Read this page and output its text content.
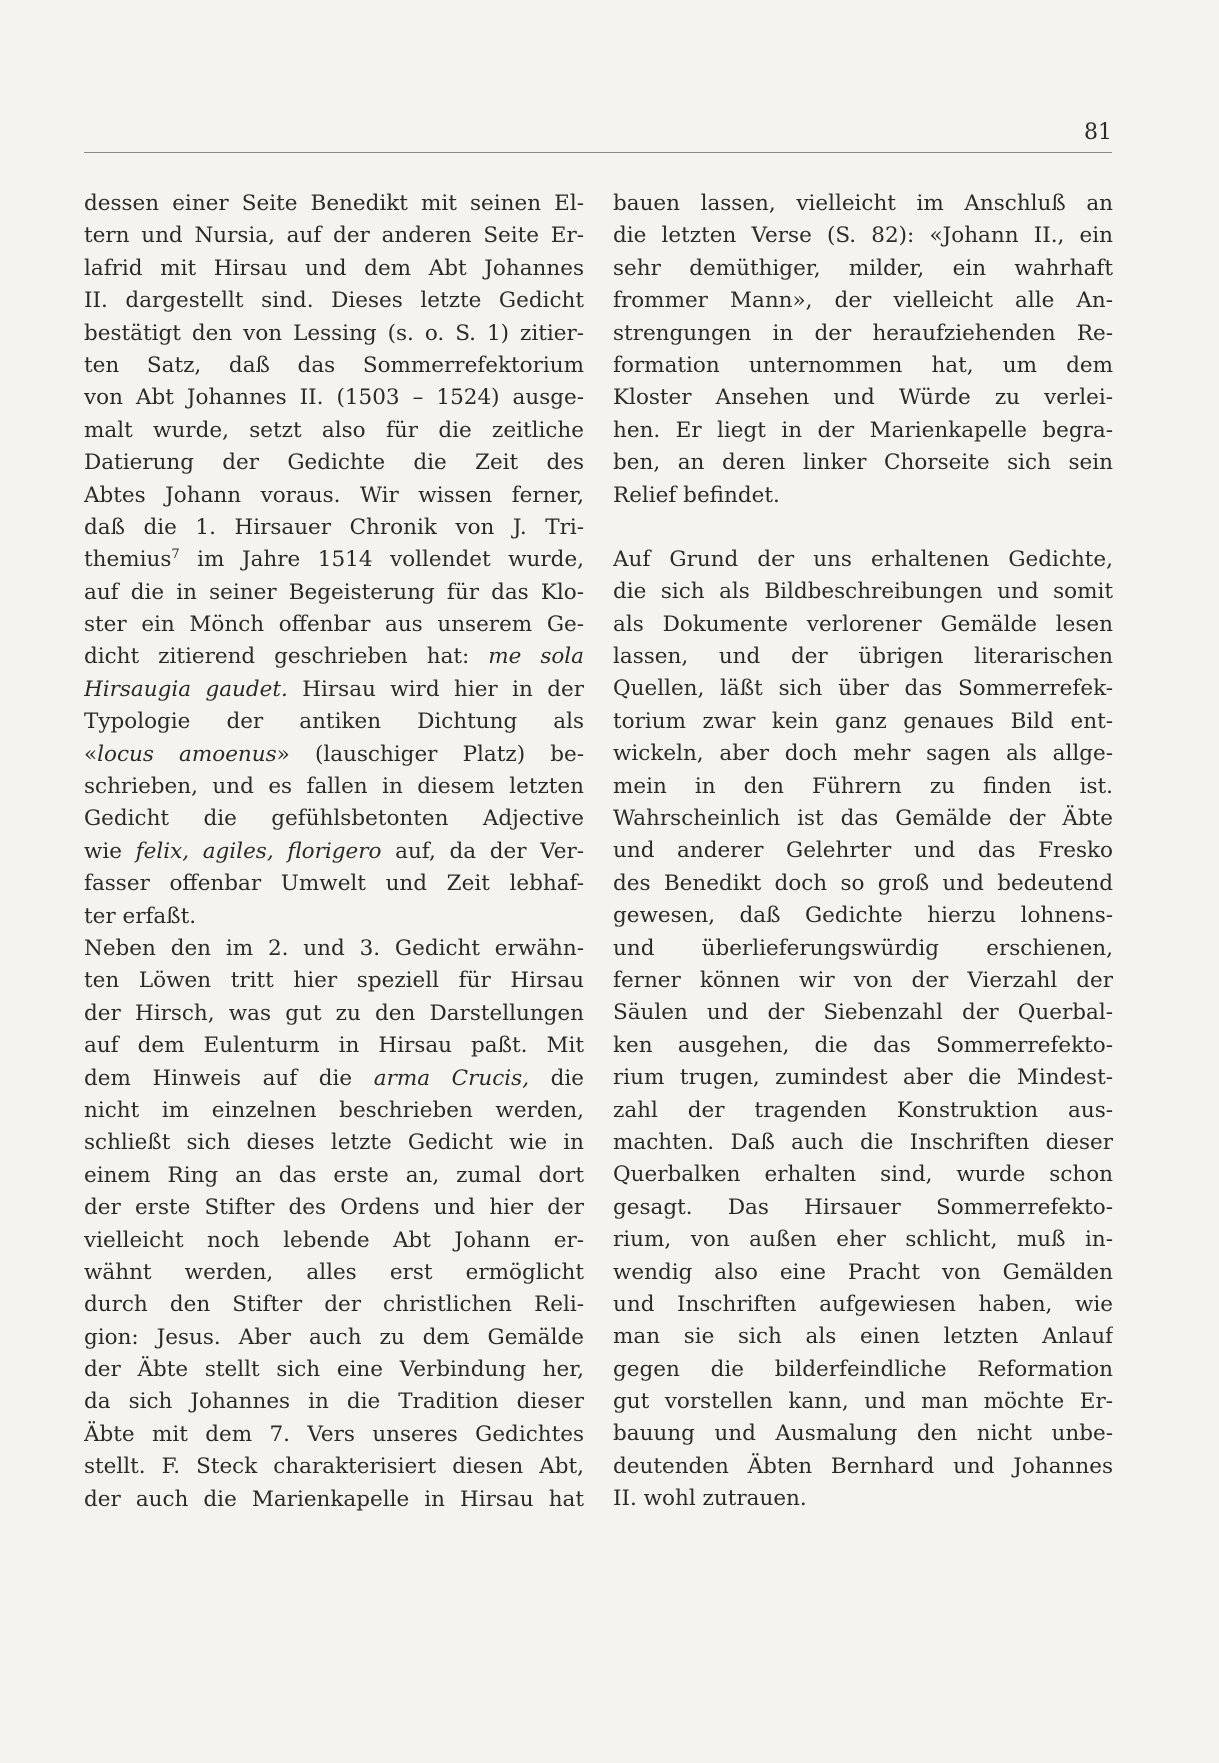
81
dessen einer Seite Benedikt mit seinen El-
tern und Nursia, auf der anderen Seite Er-
lafrid mit Hirsau und dem Abt Johannes
II. dargestellt sind. Dieses letzte Gedicht
bestätigt den von Lessing (s. o. S. 1) zitier-
ten Satz, daß das Sommerrefektorium
von Abt Johannes II. (1503 – 1524) ausge-
malt wurde, setzt also für die zeitliche
Datierung der Gedichte die Zeit des
Abtes Johann voraus. Wir wissen ferner,
daß die 1. Hirsauer Chronik von J. Tri-
themius$^7$ im Jahre 1514 vollendet wurde,
auf die in seiner Begeisterung für das Klo-
ster ein Mönch offenbar aus unserem Ge-
dicht zitierend geschrieben hat: me sola
Hirsaugia gaudet. Hirsau wird hier in der
Typologie der antiken Dichtung als
«locus amoenus» (lauschiger Platz) be-
schrieben, und es fallen in diesem letzten
Gedicht die gefühlsbetonten Adjective
wie felix, agiles, florigero auf, da der Ver-
fasser offenbar Umwelt und Zeit lebhaf-
ter erfaßt.
Neben den im 2. und 3. Gedicht erwähn-
ten Löwen tritt hier speziell für Hirsau
der Hirsch, was gut zu den Darstellungen
auf dem Eulenturm in Hirsau paßt. Mit
dem Hinweis auf die arma Crucis, die
nicht im einzelnen beschrieben werden,
schließt sich dieses letzte Gedicht wie in
einem Ring an das erste an, zumal dort
der erste Stifter des Ordens und hier der
vielleicht noch lebende Abt Johann er-
wähnt werden, alles erst ermöglicht
durch den Stifter der christlichen Reli-
gion: Jesus. Aber auch zu dem Gemälde
der Äbte stellt sich eine Verbindung her,
da sich Johannes in die Tradition dieser
Äbte mit dem 7. Vers unseres Gedichtes
stellt. F. Steck charakterisiert diesen Abt,
der auch die Marienkapelle in Hirsau hat
bauen lassen, vielleicht im Anschluß an
die letzten Verse (S. 82): «Johann II., ein
sehr demüthiger, milder, ein wahrhaft
frommer Mann», der vielleicht alle An-
strengungen in der heraufziehenden Re-
formation unternommen hat, um dem
Kloster Ansehen und Würde zu verlei-
hen. Er liegt in der Marienkapelle begra-
ben, an deren linker Chorseite sich sein
Relief befindet.
Auf Grund der uns erhaltenen Gedichte,
die sich als Bildbeschreibungen und somit
als Dokumente verlorener Gemälde lesen
lassen, und der übrigen literarischen
Quellen, läßt sich über das Sommerrefek-
torium zwar kein ganz genaues Bild ent-
wickeln, aber doch mehr sagen als allge-
mein in den Führern zu finden ist.
Wahrscheinlich ist das Gemälde der Äbte
und anderer Gelehrter und das Fresko
des Benedikt doch so groß und bedeutend
gewesen, daß Gedichte hierzu lohnens-
und überlieferungswürdig erschienen,
ferner können wir von der Vierzahl der
Säulen und der Siebenzahl der Querbal-
ken ausgehen, die das Sommerrefekto-
rium trugen, zumindest aber die Mindest-
zahl der tragenden Konstruktion aus-
machten. Daß auch die Inschriften dieser
Querbalken erhalten sind, wurde schon
gesagt. Das Hirsauer Sommerrefekto-
rium, von außen eher schlicht, muß in-
wendig also eine Pracht von Gemälden
und Inschriften aufgewiesen haben, wie
man sie sich als einen letzten Anlauf
gegen die bilderfeindliche Reformation
gut vorstellen kann, und man möchte Er-
bauung und Ausmalung den nicht unbe-
deutenden Äbten Bernhard und Johannes
II. wohl zutrauen.
